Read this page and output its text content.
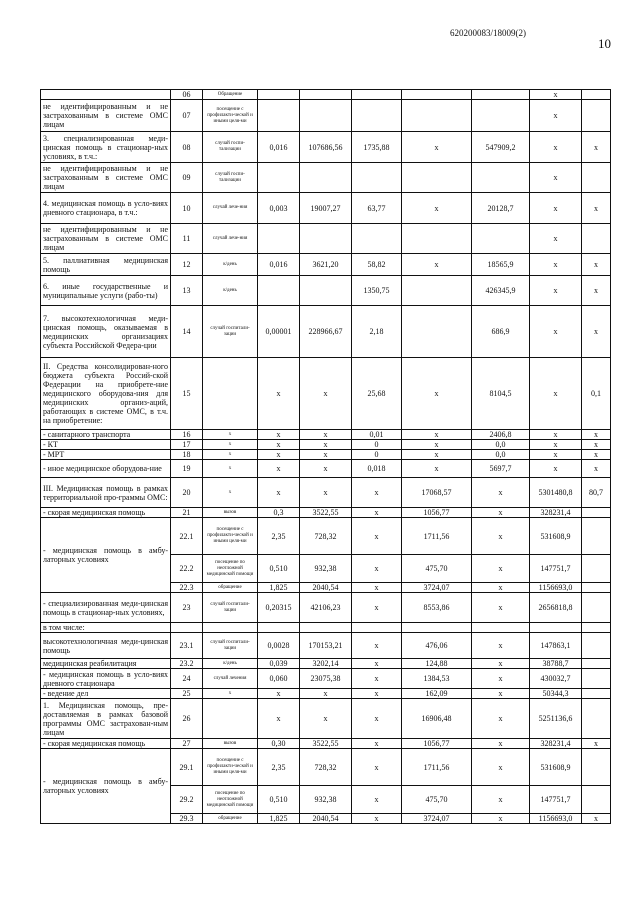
620200083/18009(2)
10
	06	Обращение						х	
не идентифицированным и не застрахованным в системе ОМС лицам	07	посещение с профилакти-ческой и иными целя-ми						х	
3. специализированная меди-цинская помощь в стационар-ных условиях, в т.ч.:	08	случай госпи-тализации	0,016	107686,56	1735,88	х	547909,2	х	х
не идентифицированным и не застрахованным в системе ОМС лицам	09	случай госпи-тализации						х	
4. медицинская помощь в усло-виях дневного стационара, в т.ч.:	10	случай лече-ния	0,003	19007,27	63,77	х	20128,7	х	х
не идентифицированным и не застрахованным в системе ОМС лицам	11	случай лече-ния						х	
5. паллиативная медицинская помощь	12	к/день	0,016	3621,20	58,82	х	18565,9	х	х
6. иные государственные и муниципальные услуги (рабо-ты)	13	к/день			1350,75		426345,9	х	х
7. высокотехнологичная меди-цинская помощь, оказываемая в медицинских организациях субъекта Российской Федера-ции	14	случай госпитали-зации	0,00001	228966,67	2,18		686,9	х	х
II. Средства консолидирован-ного бюджета субъекта Россий-ской Федерации на приобрете-ние медицинского оборудова-ния для медицинских организ-аций, работающих в системе ОМС, в т.ч. на приобретение:	15		х	х	25,68	х	8104,5	х	0,1
- санитарного транспорта	16	х	х	х	0,01	х	2406,8	х	х
- КТ	17	х	х	х	0	х	0,0	х	х
- МРТ	18	х	х	х	0	х	0,0	х	х
- иное медицинское оборудова-ние	19	х	х	х	0,018	х	5697,7	х	х
III. Медицинская помощь в рамках территориальной про-граммы ОМС:	20	х	х	х	х	17068,57	х	5301480,8	80,7
- скорая медицинская помощь	21	вызов	0,3	3522,55	х	1056,77	х	328231,4	
- медицинская помощь в амбу-латорных условиях	22.1	посещение с профилакти-ческой и иными целя-ми	2,35	728,32	х	1711,56	х	531608,9	
	22.2	посещение по неотложной медицинской помощи	0,510	932,38	х	475,70	х	147751,7	
	22.3	обращение	1,825	2040,54	х	3724,07	х	1156693,0	
- специализированная меди-цинская помощь в стационар-ных условиях,	23	случай госпитали-зации	0,20315	42106,23	х	8553,86	х	2656818,8	
в том числе:									
высокотехнологичная меди-цинская помощь	23.1	случай госпитали-зации	0,0028	170153,21	х	476,06	х	147863,1	
медицинская реабилитация	23.2	к/день	0,039	3202,14	х	124,88	х	38788,7	
- медицинская помощь в усло-виях дневного стационара	24	случай лечения	0,060	23075,38	х	1384,53	х	430032,7	
- ведение дел	25	х	х	х	х	162,09	х	50344,3	
1. Медицинская помощь, пре-доставляемая в рамках базовой программы ОМС застрахован-ным лицам	26		х	х	х	16906,48	х	5251136,6	
- скорая медицинская помощь	27	вызов	0,30	3522,55	х	1056,77	х	328231,4	х
- медицинская помощь в амбу-латорных условиях	29.1	посещение с профилакти-ческой и иными целя-ми	2,35	728,32	х	1711,56	х	531608,9	
	29.2	посещение по неотложной медицинской помощи	0,510	932,38	х	475,70	х	147751,7	
	29.3	обращение	1,825	2040,54	х	3724,07	х	1156693,0	х
